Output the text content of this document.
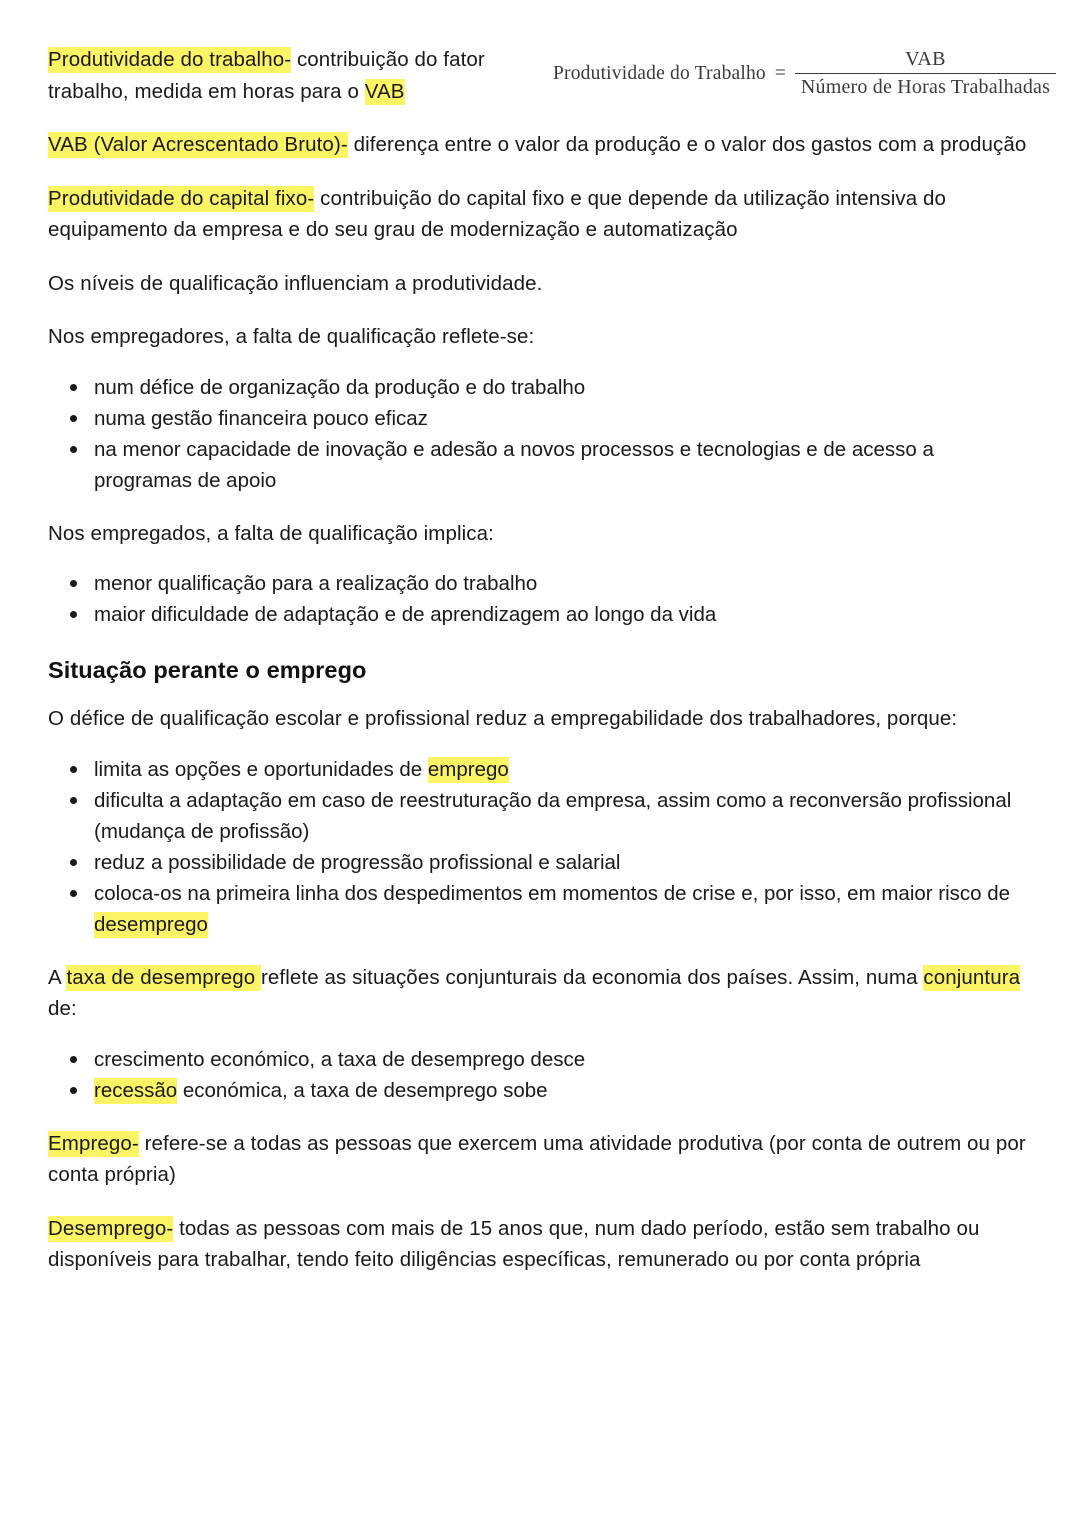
Produtividade do Trabalho = $\frac{\text{VAB}}{\text{Número de Horas Trabalhadas}}$

Produtividade do trabalho- contribuição do fator trabalho, medida em horas para o VAB

VAB (Valor Acrescentado Bruto)- diferença entre o valor da produção e o valor dos gastos com a produção

Produtividade do capital fixo- contribuição do capital fixo e que depende da utilização intensiva do equipamento da empresa e do seu grau de modernização e automatização

Os níveis de qualificação influenciam a produtividade.

Nos empregadores, a falta de qualificação reflete-se:

num défice de organização da produção e do trabalho
numa gestão financeira pouco eficaz
na menor capacidade de inovação e adesão a novos processos e tecnologias e de acesso a programas de apoio

Nos empregados, a falta de qualificação implica:

menor qualificação para a realização do trabalho
maior dificuldade de adaptação e de aprendizagem ao longo da vida
Situação perante o emprego

O défice de qualificação escolar e profissional reduz a empregabilidade dos trabalhadores, porque:

limita as opções e oportunidades de emprego
dificulta a adaptação em caso de reestruturação da empresa, assim como a reconversão profissional (mudança de profissão)
reduz a possibilidade de progressão profissional e salarial
coloca-os na primeira linha dos despedimentos em momentos de crise e, por isso, em maior risco de desemprego

A taxa de desemprego reflete as situações conjunturais da economia dos países. Assim, numa conjuntura de:

crescimento económico, a taxa de desemprego desce
recessão económica, a taxa de desemprego sobe

Emprego- refere-se a todas as pessoas que exercem uma atividade produtiva (por conta de outrem ou por conta própria)

Desemprego- todas as pessoas com mais de 15 anos que, num dado período, estão sem trabalho ou disponíveis para trabalhar, tendo feito diligências específicas, remunerado ou por conta própria
